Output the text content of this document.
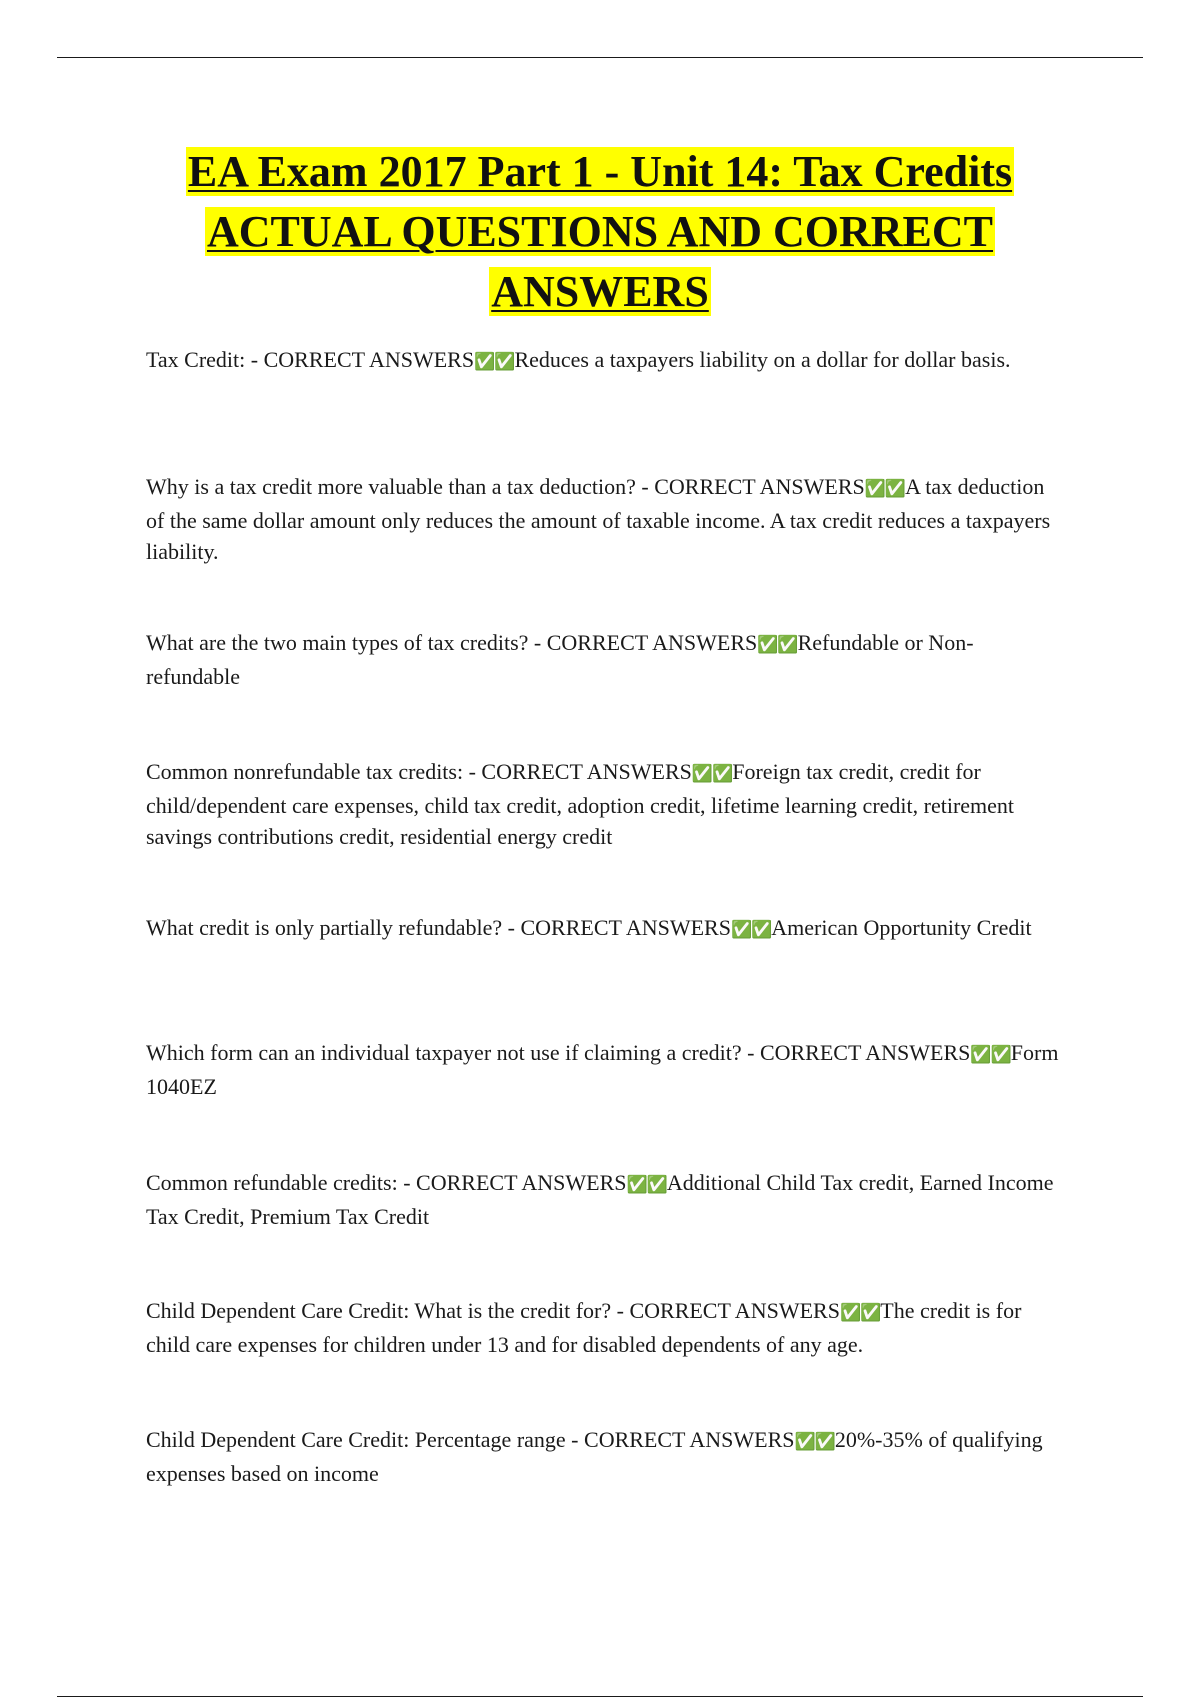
EA Exam 2017 Part 1 - Unit 14: Tax Credits ACTUAL QUESTIONS AND CORRECT ANSWERS

Tax Credit: - CORRECT ANSWERS✅✅Reduces a taxpayers liability on a dollar for dollar basis.

Why is a tax credit more valuable than a tax deduction? - CORRECT ANSWERS✅✅A tax deduction of the same dollar amount only reduces the amount of taxable income. A tax credit reduces a taxpayers liability.

What are the two main types of tax credits? - CORRECT ANSWERS✅✅Refundable or Non-refundable

Common nonrefundable tax credits: - CORRECT ANSWERS✅✅Foreign tax credit, credit for child/dependent care expenses, child tax credit, adoption credit, lifetime learning credit, retirement savings contributions credit, residential energy credit

What credit is only partially refundable? - CORRECT ANSWERS✅✅American Opportunity Credit

Which form can an individual taxpayer not use if claiming a credit? - CORRECT ANSWERS✅✅Form 1040EZ

Common refundable credits: - CORRECT ANSWERS✅✅Additional Child Tax credit, Earned Income Tax Credit, Premium Tax Credit

Child Dependent Care Credit: What is the credit for? - CORRECT ANSWERS✅✅The credit is for child care expenses for children under 13 and for disabled dependents of any age.

Child Dependent Care Credit: Percentage range - CORRECT ANSWERS✅✅20%-35% of qualifying expenses based on income
